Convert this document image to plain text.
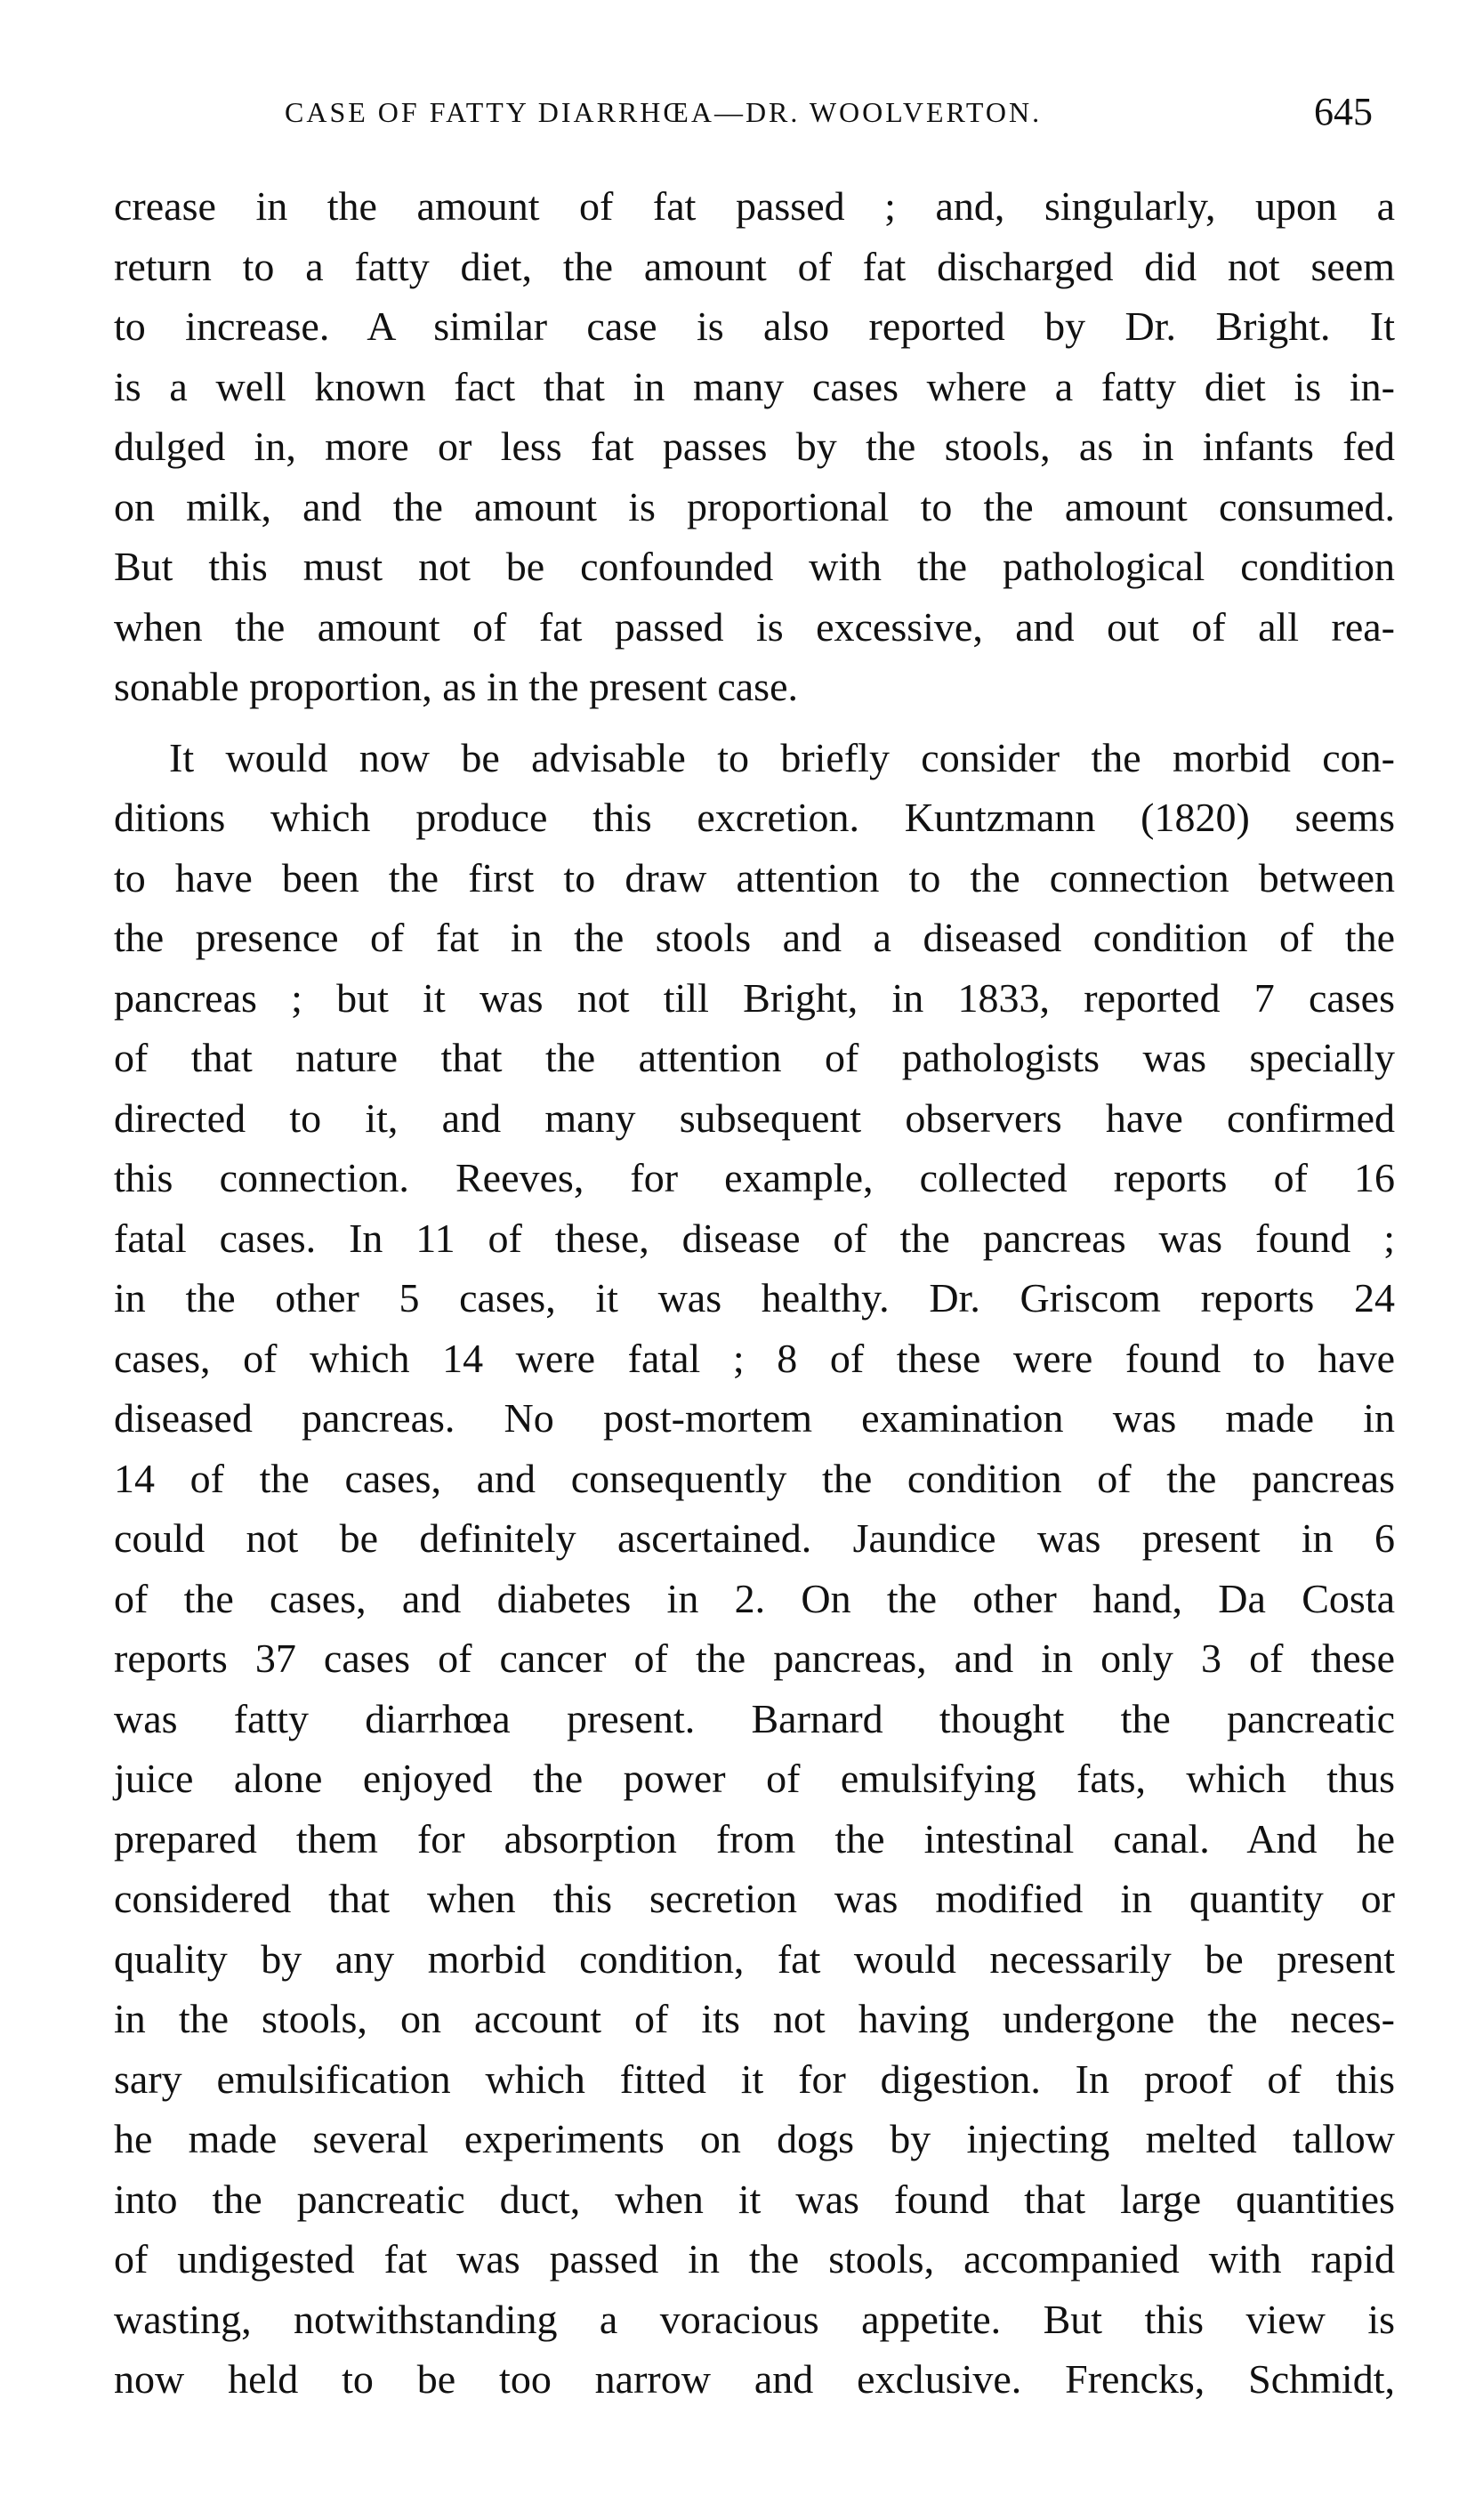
CASE OF FATTY DIARRHŒA—DR. WOOLVERTON.	645
crease in the amount of fat passed ; and, singularly, upon a
return to a fatty diet, the amount of fat discharged did not seem
to increase. A similar case is also reported by Dr. Bright. It
is a well known fact that in many cases where a fatty diet is in-
dulged in, more or less fat passes by the stools, as in infants fed
on milk, and the amount is proportional to the amount consumed.
But this must not be confounded with the pathological condition
when the amount of fat passed is excessive, and out of all rea-
sonable proportion, as in the present case.
It would now be advisable to briefly consider the morbid con-
ditions which produce this excretion. Kuntzmann (1820) seems
to have been the first to draw attention to the connection between
the presence of fat in the stools and a diseased condition of the
pancreas ; but it was not till Bright, in 1833, reported 7 cases
of that nature that the attention of pathologists was specially
directed to it, and many subsequent observers have confirmed
this connection. Reeves, for example, collected reports of 16
fatal cases. In 11 of these, disease of the pancreas was found ;
in the other 5 cases, it was healthy. Dr. Griscom reports 24
cases, of which 14 were fatal ; 8 of these were found to have
diseased pancreas. No post-mortem examination was made in
14 of the cases, and consequently the condition of the pancreas
could not be definitely ascertained. Jaundice was present in 6
of the cases, and diabetes in 2. On the other hand, Da Costa
reports 37 cases of cancer of the pancreas, and in only 3 of these
was fatty diarrhœa present. Barnard thought the pancreatic
juice alone enjoyed the power of emulsifying fats, which thus
prepared them for absorption from the intestinal canal. And he
considered that when this secretion was modified in quantity or
quality by any morbid condition, fat would necessarily be present
in the stools, on account of its not having undergone the neces-
sary emulsification which fitted it for digestion. In proof of this
he made several experiments on dogs by injecting melted tallow
into the pancreatic duct, when it was found that large quantities
of undigested fat was passed in the stools, accompanied with rapid
wasting, notwithstanding a voracious appetite. But this view is
now held to be too narrow and exclusive. Frencks, Schmidt,
